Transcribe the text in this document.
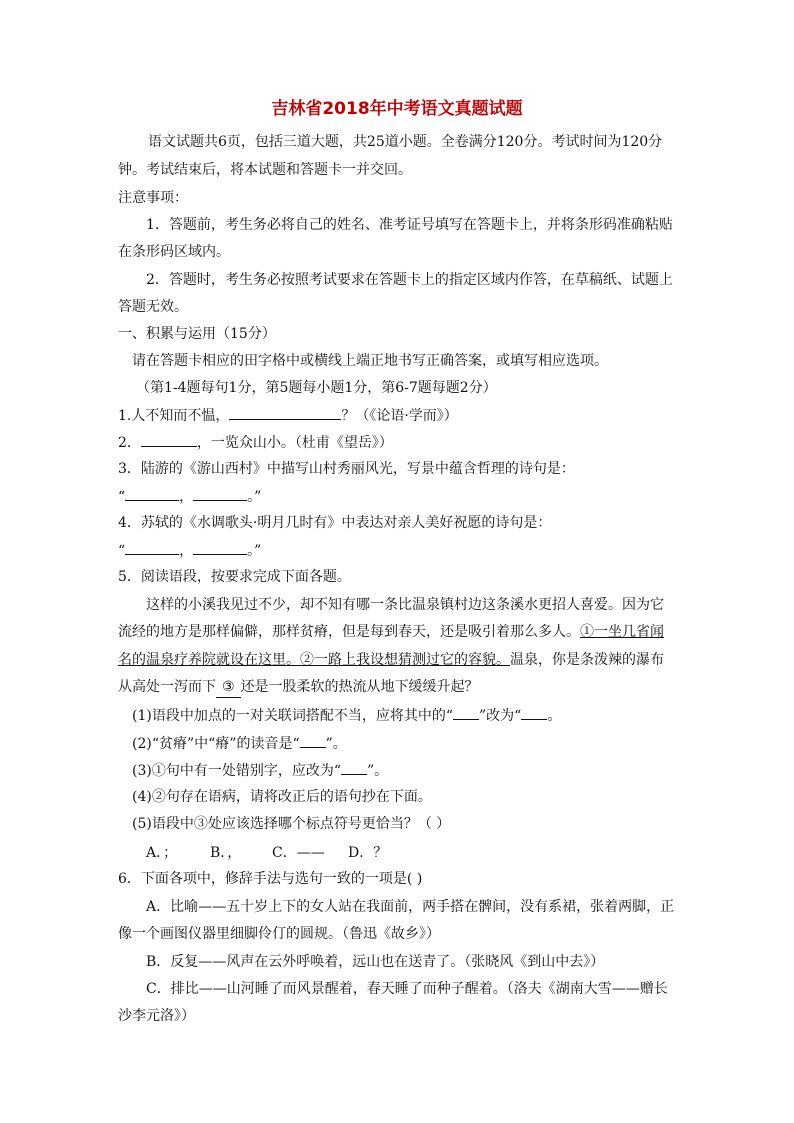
吉林省2018年中考语文真题试题
语文试题共6页，包括三道大题，共25道小题。全卷满分120分。考试时间为120分
钟。考试结束后，将本试题和答题卡一并交回。
注意事项：
1．答题前，考生务必将自己的姓名、准考证号填写在答题卡上，并将条形码准确粘贴
在条形码区域内。
2．答题时，考生务必按照考试要求在答题卡上的指定区域内作答，在草稿纸、试题上
答题无效。
一、积累与运用（15分）
请在答题卡相应的田字格中或横线上端正地书写正确答案，或填写相应选项。
（第1-4题每句1分，第5题每小题1分，第6-7题每题2分）
1.人不知而不愠，	？（《论语·学而》）
2．	，一览众山小。（杜甫《望岳》）
3．陆游的《游山西村》中描写山村秀丽风光，写景中蕴含哲理的诗句是：
“	，	。”
4．苏轼的《水调歌头·明月几时有》中表达对亲人美好祝愿的诗句是：
“	，	。”
5．阅读语段，按要求完成下面各题。
这样的小溪我见过不少，却不知有哪一条比温泉镇村边这条溪水更招人喜爱。因为它
流经的地方是那样偏僻，那样贫瘠，但是每到春天，还是吸引着那么多人。①一坐几省闻
名的温泉疗养院就设在这里。②一路上我设想猜测过它的容貌。温泉，你是条泼辣的瀑布
从高处一泻而下 ③ 还是一股柔软的热流从地下缓缓升起？
(1)语段中加点的一对关联词搭配不当，应将其中的“ ”改为“ 。
(2)“贫瘠”中“瘠”的读音是“ ”。
(3)①句中有一处错别字，应改为“ ”。
(4)②句存在语病，请将改正后的语句抄在下面。
(5)语段中③处应该选择哪个标点符号更恰当？（ ）
A．； B．， C．—— D．？
6．下面各项中，修辞手法与选句一致的一项是( )
A．比喻——五十岁上下的女人站在我面前，两手搭在髀间，没有系裙，张着两脚，正
像一个画图仪器里细脚伶仃的圆规。（鲁迅《故乡》）
B．反复——风声在云外呼唤着，远山也在送青了。（张晓风《到山中去》）
C．排比——山河睡了而风景醒着，春天睡了而种子醒着。（洛夫《湖南大雪——赠长
沙李元洛》）
